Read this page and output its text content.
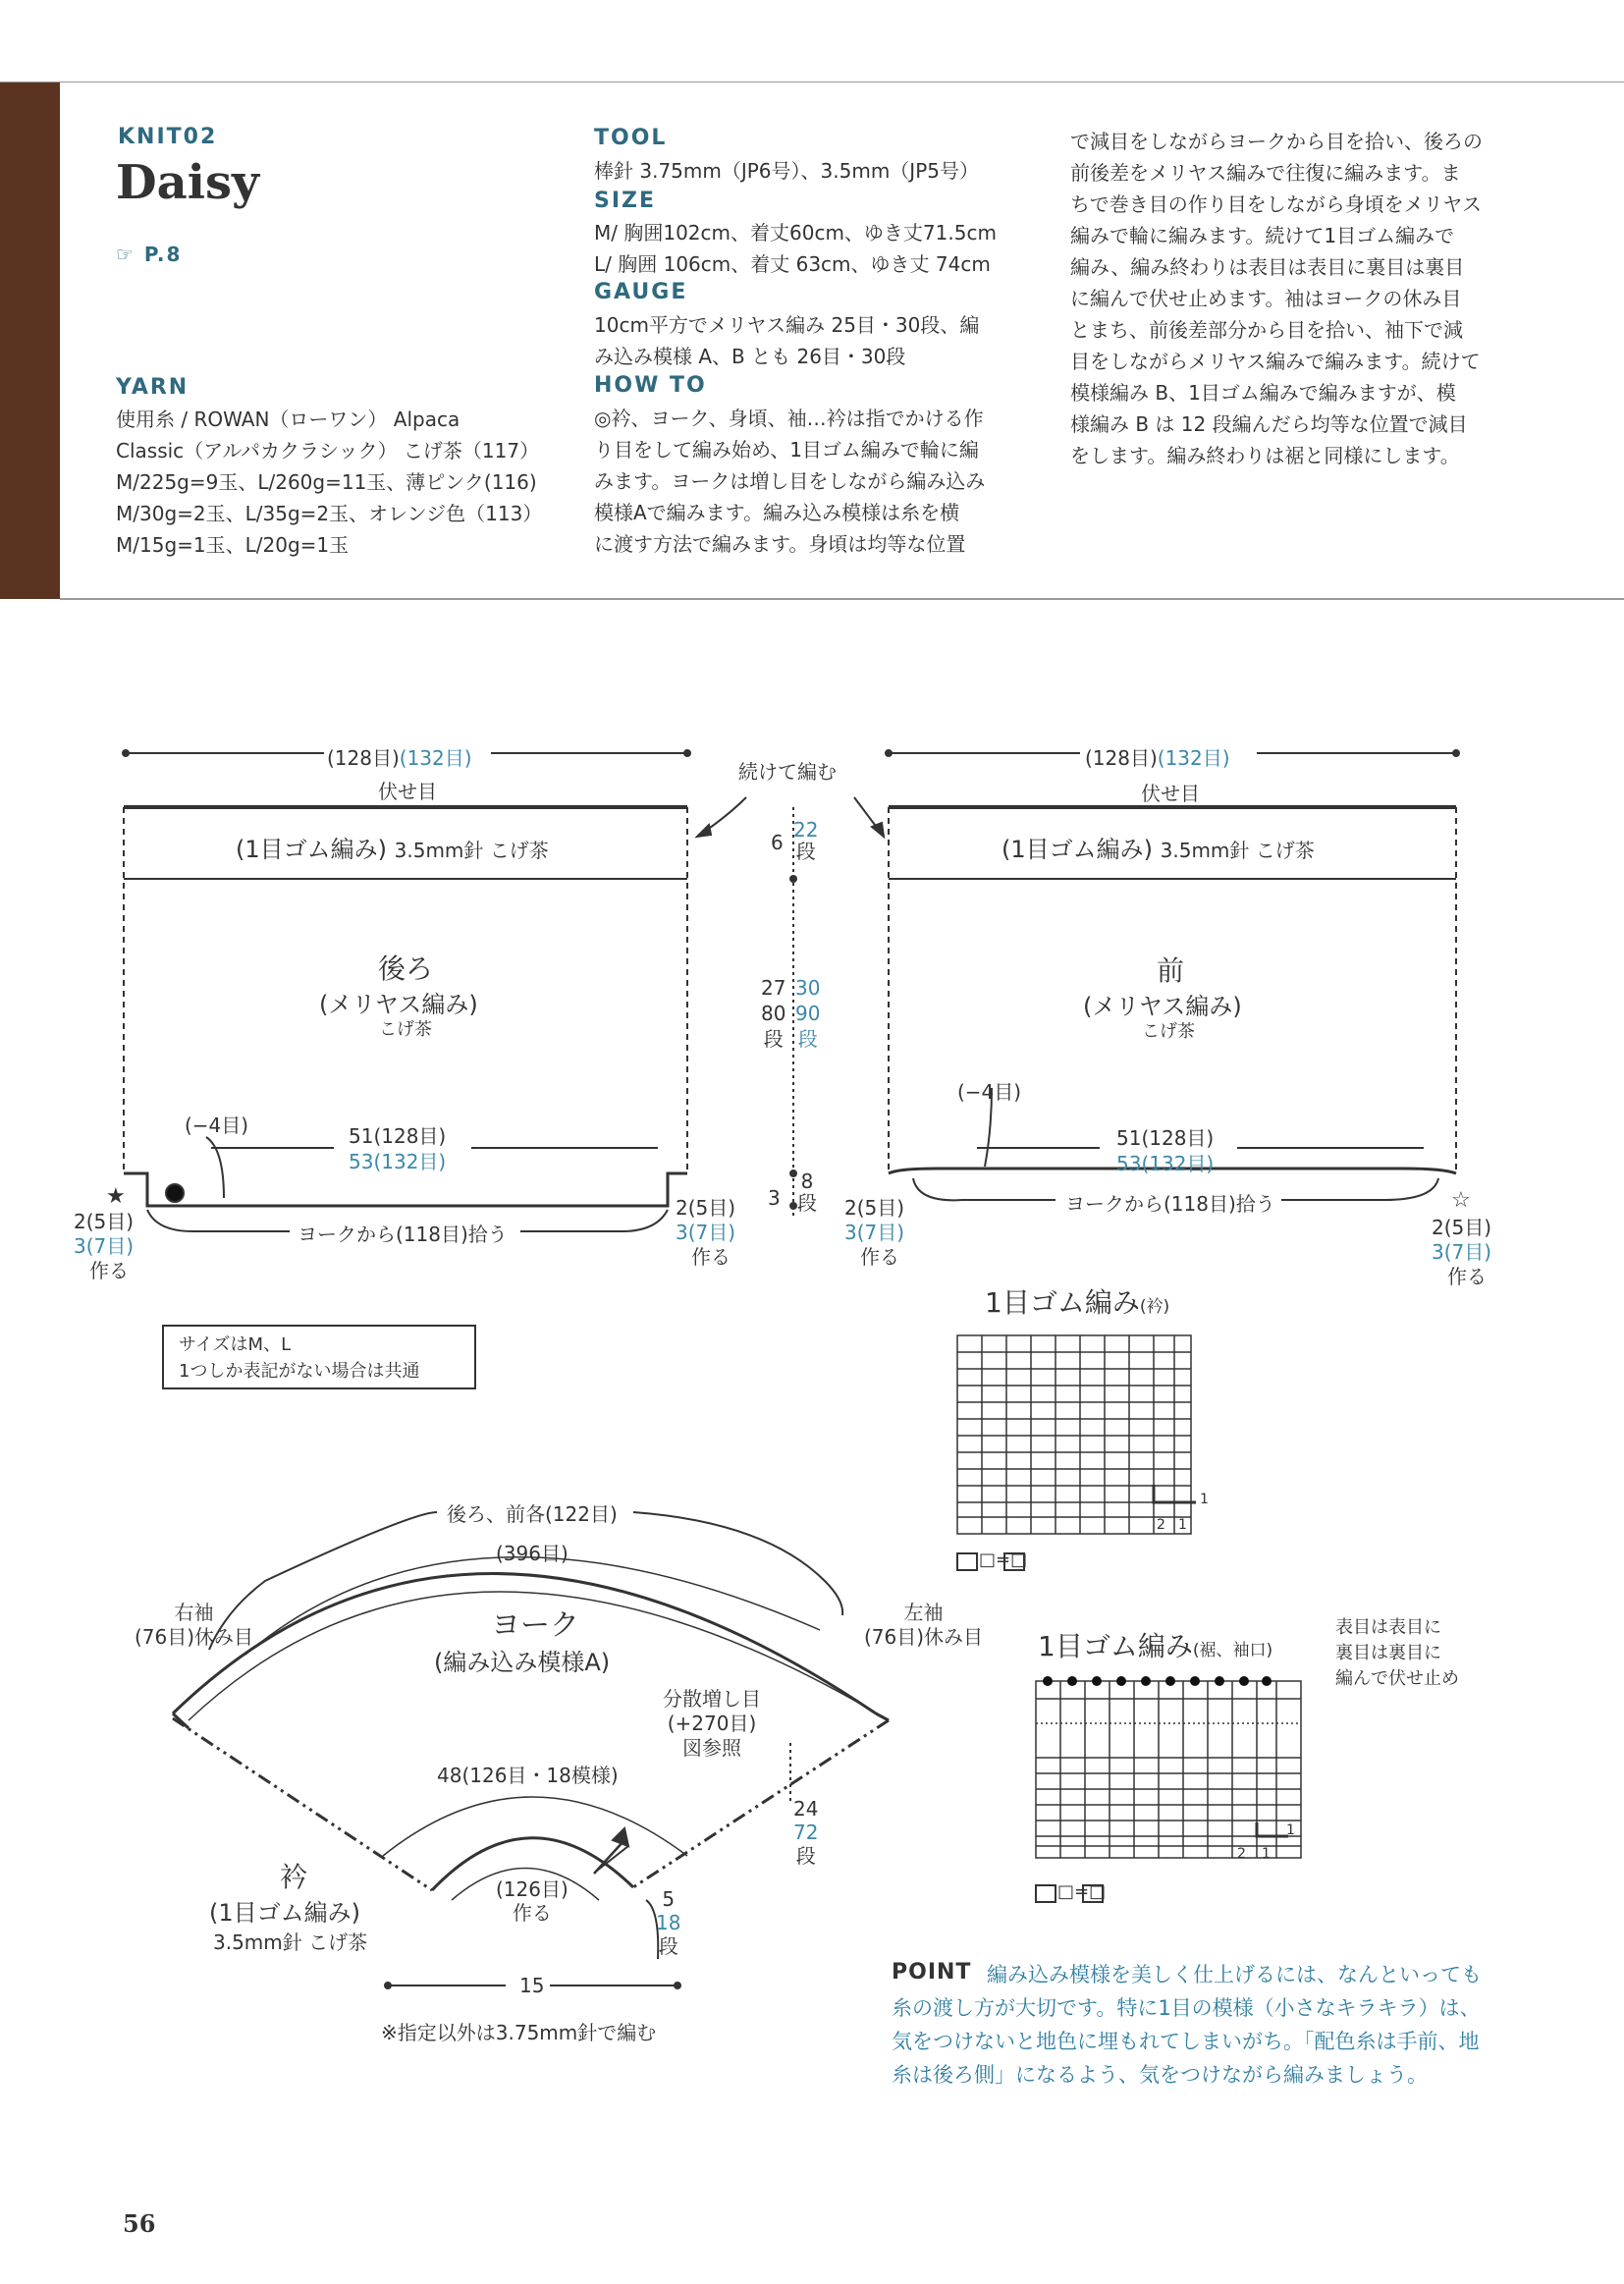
KNIT02
Daisy
☞ P.8
YARN
使用糸 / ROWAN（ローワン） Alpaca
Classic（アルパカクラシック） こげ茶（117）
M/225g=9玉、L/260g=11玉、薄ピンク(116)
M/30g=2玉、L/35g=2玉、オレンジ色（113）
M/15g=1玉、L/20g=1玉
TOOL
棒針 3.75mm（JP6号）、3.5mm（JP5号）
SIZE
M/ 胸囲102cm、着丈60cm、ゆき丈71.5cm
L/ 胸囲 106cm、着丈 63cm、ゆき丈 74cm
GAUGE
10cm平方でメリヤス編み 25目・30段、編
み込み模様 A、B とも 26目・30段
HOW TO
◎衿、ヨーク、身頃、袖…衿は指でかける作
り目をして編み始め、1目ゴム編みで輪に編
みます。ヨークは増し目をしながら編み込み
模様Aで編みます。編み込み模様は糸を横
に渡す方法で編みます。身頃は均等な位置
で減目をしながらヨークから目を拾い、後ろの
前後差をメリヤス編みで往復に編みます。ま
ちで巻き目の作り目をしながら身頃をメリヤス
編みで輪に編みます。続けて1目ゴム編みで
編み、編み終わりは表目は表目に裏目は裏目
に編んで伏せ止めます。袖はヨークの休み目
とまち、前後差部分から目を拾い、袖下で減
目をしながらメリヤス編みで編みます。続けて
模様編み B、1目ゴム編みで編みますが、模
様編み B は 12 段編んだら均等な位置で減目
をします。編み終わりは裾と同様にします。
(128目)(132目)
伏せ目
(1目ゴム編み) 3.5mm針 こげ茶
後ろ
(メリヤス編み)
こげ茶
(−4目)	51(128目)
53(132目)
ヨークから(118目)拾う
★
2(5目)
3(7目)
作る
2(5目)
3(7目)
作る
続けて編む
6
22
段
27
80
段
30
90
段
3
8
段
(128目)(132目)
伏せ目
(1目ゴム編み) 3.5mm針 こげ茶
前
(メリヤス編み)
こげ茶
(−4目)
51(128目)
53(132目)
ヨークから(118目)拾う
2(5目)
3(7目)
作る
☆
2(5目)
3(7目)
作る
サイズはM、L
1つしか表記がない場合は共通
1目ゴム編み(衿)
1
2 1
□=□
1目ゴム編み(裾、袖口)
表目は表目に
裏目は裏目に
編んで伏せ止め
1
2 1
□=□
後ろ、前各(122目)
(396目)
ヨーク
(編み込み模様A)
右袖
(76目)休み目
左袖
(76目)休み目
分散増し目
(+270目)
図参照
48(126目・18模様)
24
72
段
衿
(1目ゴム編み)
3.5mm針 こげ茶
(126目)
作る
5
18
段
15
※指定以外は3.75mm針で編む
POINT 編み込み模様を美しく仕上げるには、なんといっても
糸の渡し方が大切です。特に1目の模様（小さなキラキラ）は、
気をつけないと地色に埋もれてしまいがち。「配色糸は手前、地
糸は後ろ側」になるよう、気をつけながら編みましょう。
56
